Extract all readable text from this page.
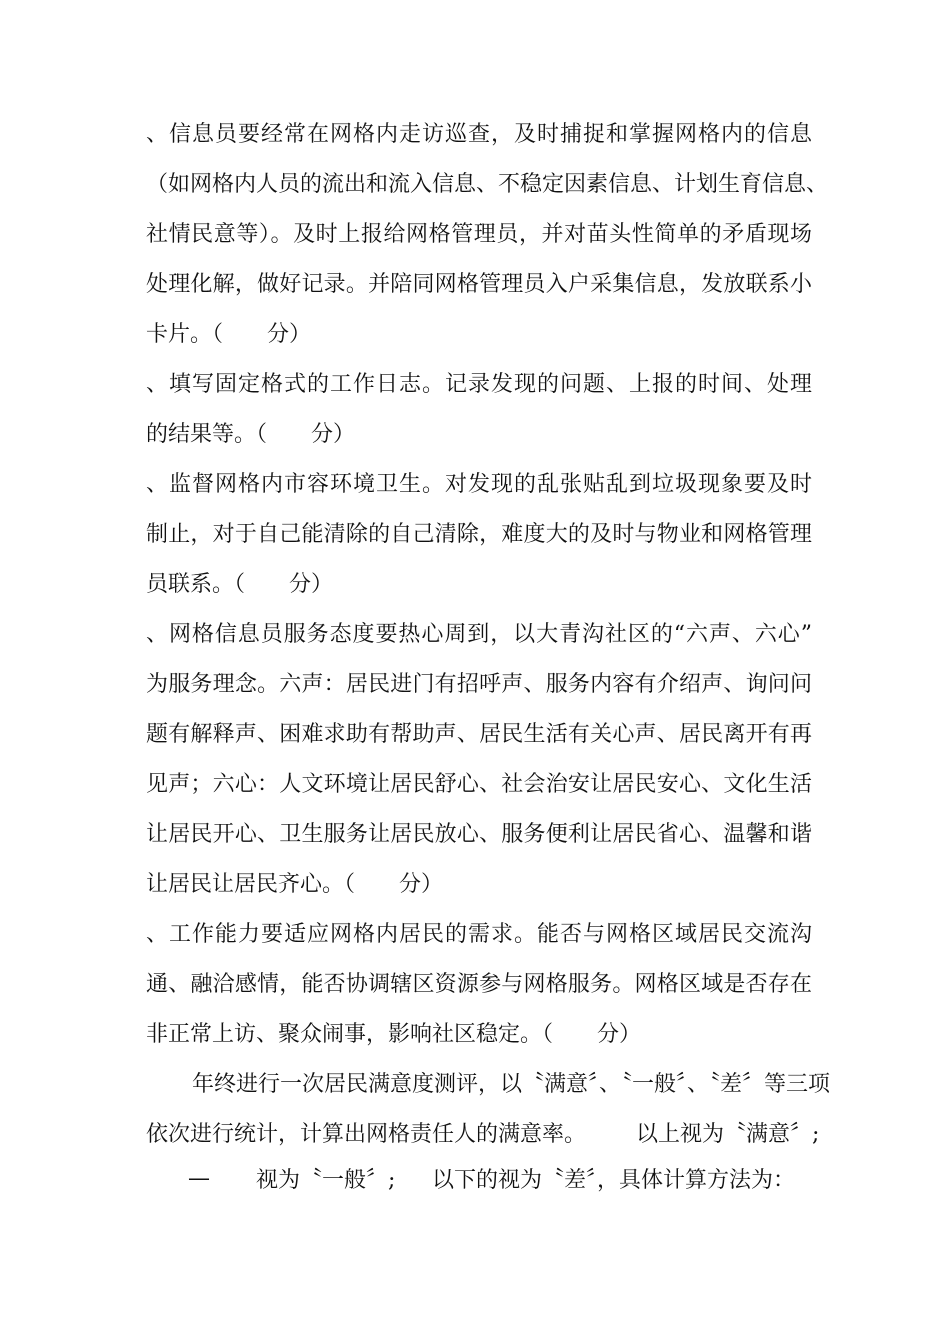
、信息员要经常在网格内走访巡查，及时捕捉和掌握网格内的信息
（如网格内人员的流出和流入信息、不稳定因素信息、计划生育信息、
社情民意等）。及时上报给网格管理员，并对苗头性简单的矛盾现场
处理化解，做好记录。并陪同网格管理员入户采集信息，发放联系小
卡片。（　　分）
、填写固定格式的工作日志。记录发现的问题、上报的时间、处理
的结果等。（　　分）
、监督网格内市容环境卫生。对发现的乱张贴乱到垃圾现象要及时
制止，对于自己能清除的自己清除，难度大的及时与物业和网格管理
员联系。（　　分）
、网格信息员服务态度要热心周到，以大青沟社区的“六声、六心”
为服务理念。六声：居民进门有招呼声、服务内容有介绍声、询问问
题有解释声、困难求助有帮助声、居民生活有关心声、居民离开有再
见声；六心：人文环境让居民舒心、社会治安让居民安心、文化生活
让居民开心、卫生服务让居民放心、服务便利让居民省心、温馨和谐
让居民让居民齐心。（　　分）
、工作能力要适应网格内居民的需求。能否与网格区域居民交流沟
通、融洽感情，能否协调辖区资源参与网格服务。网格区域是否存在
非正常上访、聚众闹事，影响社区稳定。（　　分）
年终进行一次居民满意度测评，以〝满意〞、〝一般〞、〝差〞等三项
依次进行统计，计算出网格责任人的满意率。 以上视为〝满意〞;
— 视为〝一般〞; 以下的视为〝差〞，具体计算方法为：
